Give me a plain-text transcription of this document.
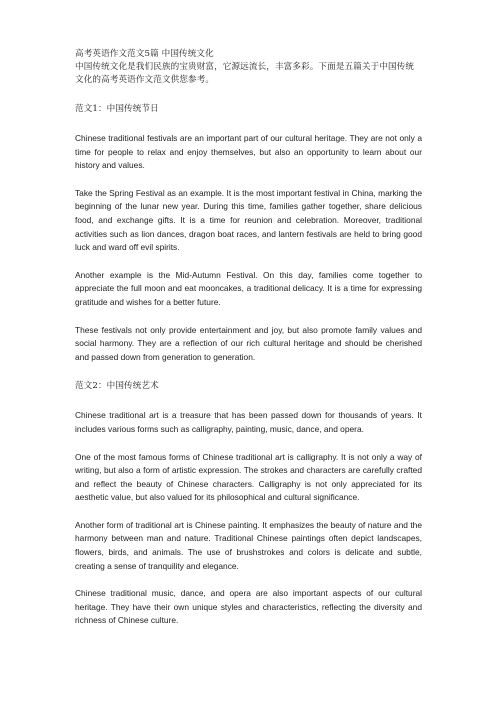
高考英语作文范文5篇 中国传统文化

中国传统文化是我们民族的宝贵财富，它源远流长，丰富多彩。下面是五篇关于中国传统文化的高考英语作文范文供您参考。

范文1：中国传统节日

Chinese traditional festivals are an important part of our cultural heritage. They are not only a time for people to relax and enjoy themselves, but also an opportunity to learn about our history and values.

Take the Spring Festival as an example. It is the most important festival in China, marking the beginning of the lunar new year. During this time, families gather together, share delicious food, and exchange gifts. It is a time for reunion and celebration. Moreover, traditional activities such as lion dances, dragon boat races, and lantern festivals are held to bring good luck and ward off evil spirits.

Another example is the Mid-Autumn Festival. On this day, families come together to appreciate the full moon and eat mooncakes, a traditional delicacy. It is a time for expressing gratitude and wishes for a better future.

These festivals not only provide entertainment and joy, but also promote family values and social harmony. They are a reflection of our rich cultural heritage and should be cherished and passed down from generation to generation.

范文2：中国传统艺术

Chinese traditional art is a treasure that has been passed down for thousands of years. It includes various forms such as calligraphy, painting, music, dance, and opera.

One of the most famous forms of Chinese traditional art is calligraphy. It is not only a way of writing, but also a form of artistic expression. The strokes and characters are carefully crafted and reflect the beauty of Chinese characters. Calligraphy is not only appreciated for its aesthetic value, but also valued for its philosophical and cultural significance.

Another form of traditional art is Chinese painting. It emphasizes the beauty of nature and the harmony between man and nature. Traditional Chinese paintings often depict landscapes, flowers, birds, and animals. The use of brushstrokes and colors is delicate and subtle, creating a sense of tranquility and elegance.

Chinese traditional music, dance, and opera are also important aspects of our cultural heritage. They have their own unique styles and characteristics, reflecting the diversity and richness of Chinese culture.
